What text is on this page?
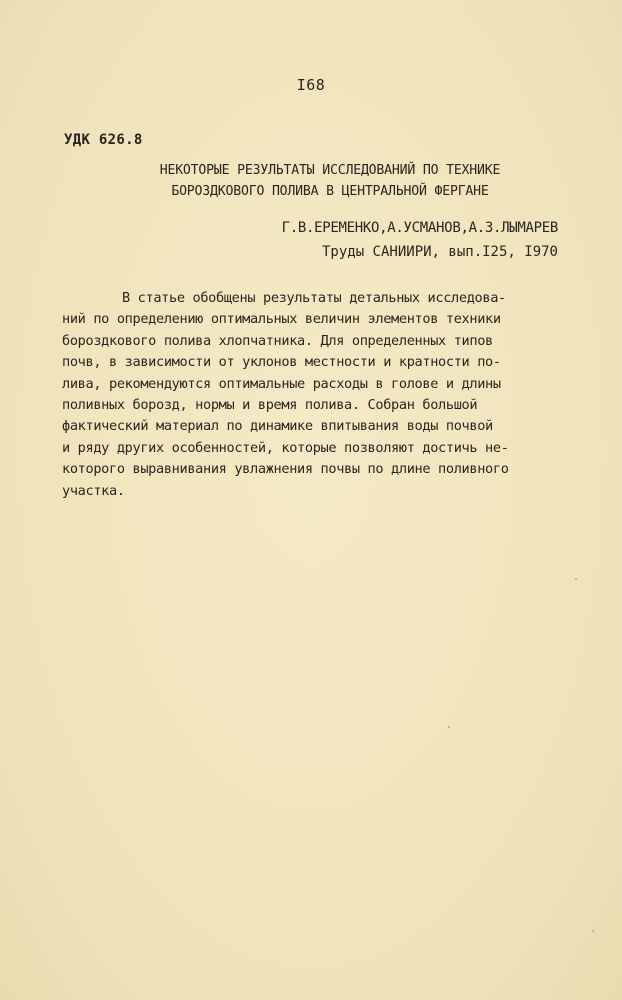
I68
УДК 626.8
НЕКОТОРЫЕ РЕЗУЛЬТАТЫ ИССЛЕДОВАНИЙ ПО ТЕХНИКЕ
БОРОЗДКОВОГО ПОЛИВА В ЦЕНТРАЛЬНОЙ ФЕРГАНЕ
Г.В.ЕРЕМЕНКО,А.УСМАНОВ,А.З.ЛЫМАРЕВ
Труды САНИИРИ, вып.I25, I970
В статье обобщены результаты детальных исследова-
ний по определению оптимальных величин элементов техники
бороздкового полива хлопчатника. Для определенных типов
почв, в зависимости от уклонов местности и кратности по-
лива, рекомендуются оптимальные расходы в голове и длины
поливных борозд, нормы и время полива. Собран большой
фактический материал по динамике впитывания воды почвой
и ряду других особенностей, которые позволяют достичь не-
которого выравнивания увлажнения почвы по длине поливного
участка.
